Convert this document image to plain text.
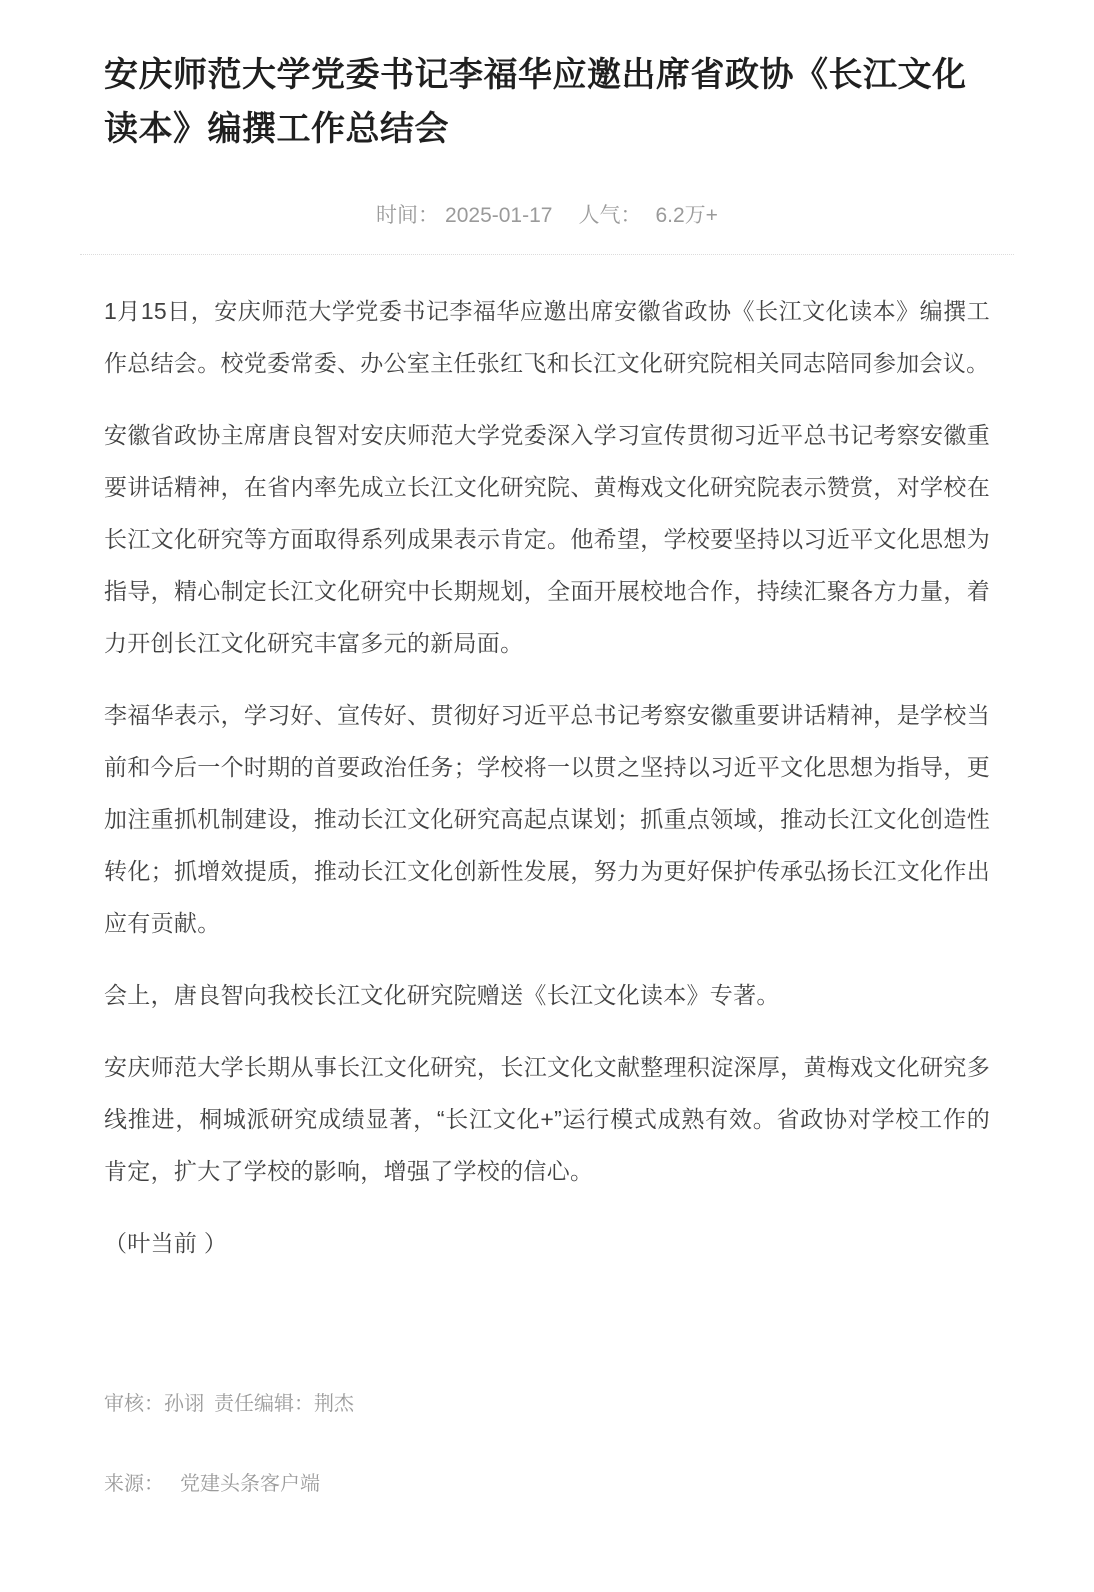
安庆师范大学党委书记李福华应邀出席省政协《长江文化读本》编撰工作总结会
时间： 2025-01-17 人气： 6.2万+

1月15日，安庆师范大学党委书记李福华应邀出席安徽省政协《长江文化读本》编撰工作总结会。校党委常委、办公室主任张红飞和长江文化研究院相关同志陪同参加会议。

安徽省政协主席唐良智对安庆师范大学党委深入学习宣传贯彻习近平总书记考察安徽重要讲话精神，在省内率先成立长江文化研究院、黄梅戏文化研究院表示赞赏，对学校在长江文化研究等方面取得系列成果表示肯定。他希望，学校要坚持以习近平文化思想为指导，精心制定长江文化研究中长期规划，全面开展校地合作，持续汇聚各方力量，着力开创长江文化研究丰富多元的新局面。

李福华表示，学习好、宣传好、贯彻好习近平总书记考察安徽重要讲话精神，是学校当前和今后一个时期的首要政治任务；学校将一以贯之坚持以习近平文化思想为指导，更加注重抓机制建设，推动长江文化研究高起点谋划；抓重点领域，推动长江文化创造性转化；抓增效提质，推动长江文化创新性发展，努力为更好保护传承弘扬长江文化作出应有贡献。

会上，唐良智向我校长江文化研究院赠送《长江文化读本》专著。

安庆师范大学长期从事长江文化研究，长江文化文献整理积淀深厚，黄梅戏文化研究多线推进，桐城派研究成绩显著，“长江文化+”运行模式成熟有效。省政协对学校工作的肯定，扩大了学校的影响，增强了学校的信心。

（叶当前 ）

审核：孙诩 责任编辑：荆杰
来源： 党建头条客户端
